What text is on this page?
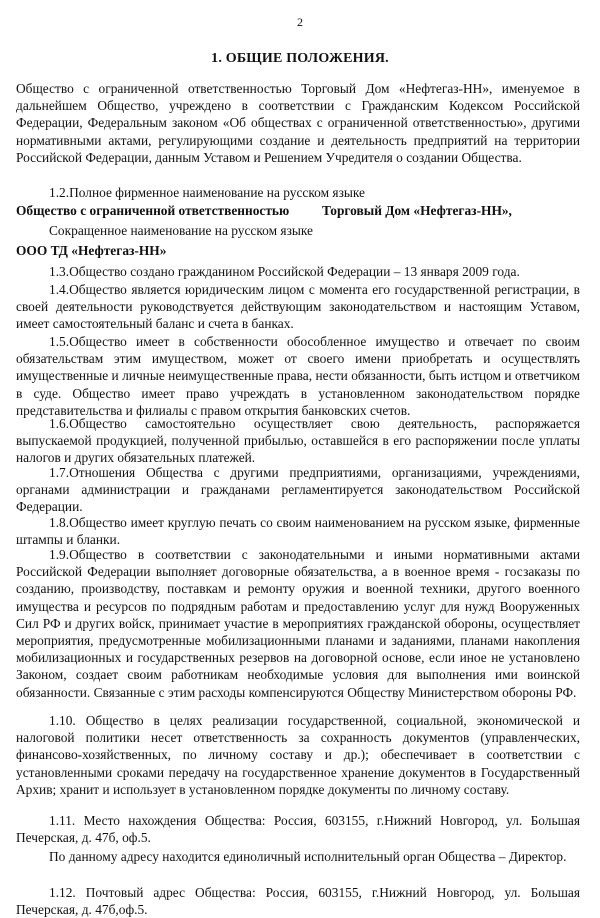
2
1. ОБЩИЕ ПОЛОЖЕНИЯ.
Общество с ограниченной ответственностью Торговый Дом «Нефтегаз-НН», именуемое в дальнейшем Общество, учреждено в соответствии с Гражданским Кодексом Российской Федерации, Федеральным законом «Об обществах с ограниченной ответственностью», другими нормативными актами, регулирующими создание и деятельность предприятий на территории Российской Федерации, данным Уставом и Решением Учредителя о создании Общества.
1.2.Полное фирменное наименование на русском языке
Общество с ограниченной ответственностью Торговый Дом «Нефтегаз-НН»,
Сокращенное наименование на русском языке
ООО ТД «Нефтегаз-НН»
1.3.Общество создано гражданином Российской Федерации – 13 января 2009 года.
1.4.Общество является юридическим лицом с момента его государственной регистрации, в своей деятельности руководствуется действующим законодательством и настоящим Уставом, имеет самостоятельный баланс и счета в банках.
1.5.Общество имеет в собственности обособленное имущество и отвечает по своим обязательствам этим имуществом, может от своего имени приобретать и осуществлять имущественные и личные неимущественные права, нести обязанности, быть истцом и ответчиком в суде. Общество имеет право учреждать в установленном законодательством порядке представительства и филиалы с правом открытия банковских счетов.
1.6.Общество самостоятельно осуществляет свою деятельность, распоряжается выпускаемой продукцией, полученной прибылью, оставшейся в его распоряжении после уплаты налогов и других обязательных платежей.
1.7.Отношения Общества с другими предприятиями, организациями, учреждениями, органами администрации и гражданами регламентируется законодательством Российской Федерации.
1.8.Общество имеет круглую печать со своим наименованием на русском языке, фирменные штампы и бланки.
1.9.Общество в соответствии с законодательными и иными нормативными актами Российской Федерации выполняет договорные обязательства, а в военное время - госзаказы по созданию, производству, поставкам и ремонту оружия и военной техники, другого военного имущества и ресурсов по подрядным работам и предоставлению услуг для нужд Вооруженных Сил РФ и других войск, принимает участие в мероприятиях гражданской обороны, осуществляет мероприятия, предусмотренные мобилизационными планами и заданиями, планами накопления мобилизационных и государственных резервов на договорной основе, если иное не установлено Законом, создает своим работникам необходимые условия для выполнения ими воинской обязанности. Связанные с этим расходы компенсируются Обществу Министерством обороны РФ.
1.10. Общество в целях реализации государственной, социальной, экономической и налоговой политики несет ответственность за сохранность документов (управленческих, финансово-хозяйственных, по личному составу и др.); обеспечивает в соответствии с установленными сроками передачу на государственное хранение документов в Государственный Архив; хранит и использует в установленном порядке документы по личному составу.
1.11. Место нахождения Общества: Россия, 603155, г.Нижний Новгород, ул. Большая Печерская, д. 47б, оф.5.
По данному адресу находится единоличный исполнительный орган Общества – Директор.
1.12. Почтовый адрес Общества: Россия, 603155, г.Нижний Новгород, ул. Большая Печерская, д. 47б,оф.5.
